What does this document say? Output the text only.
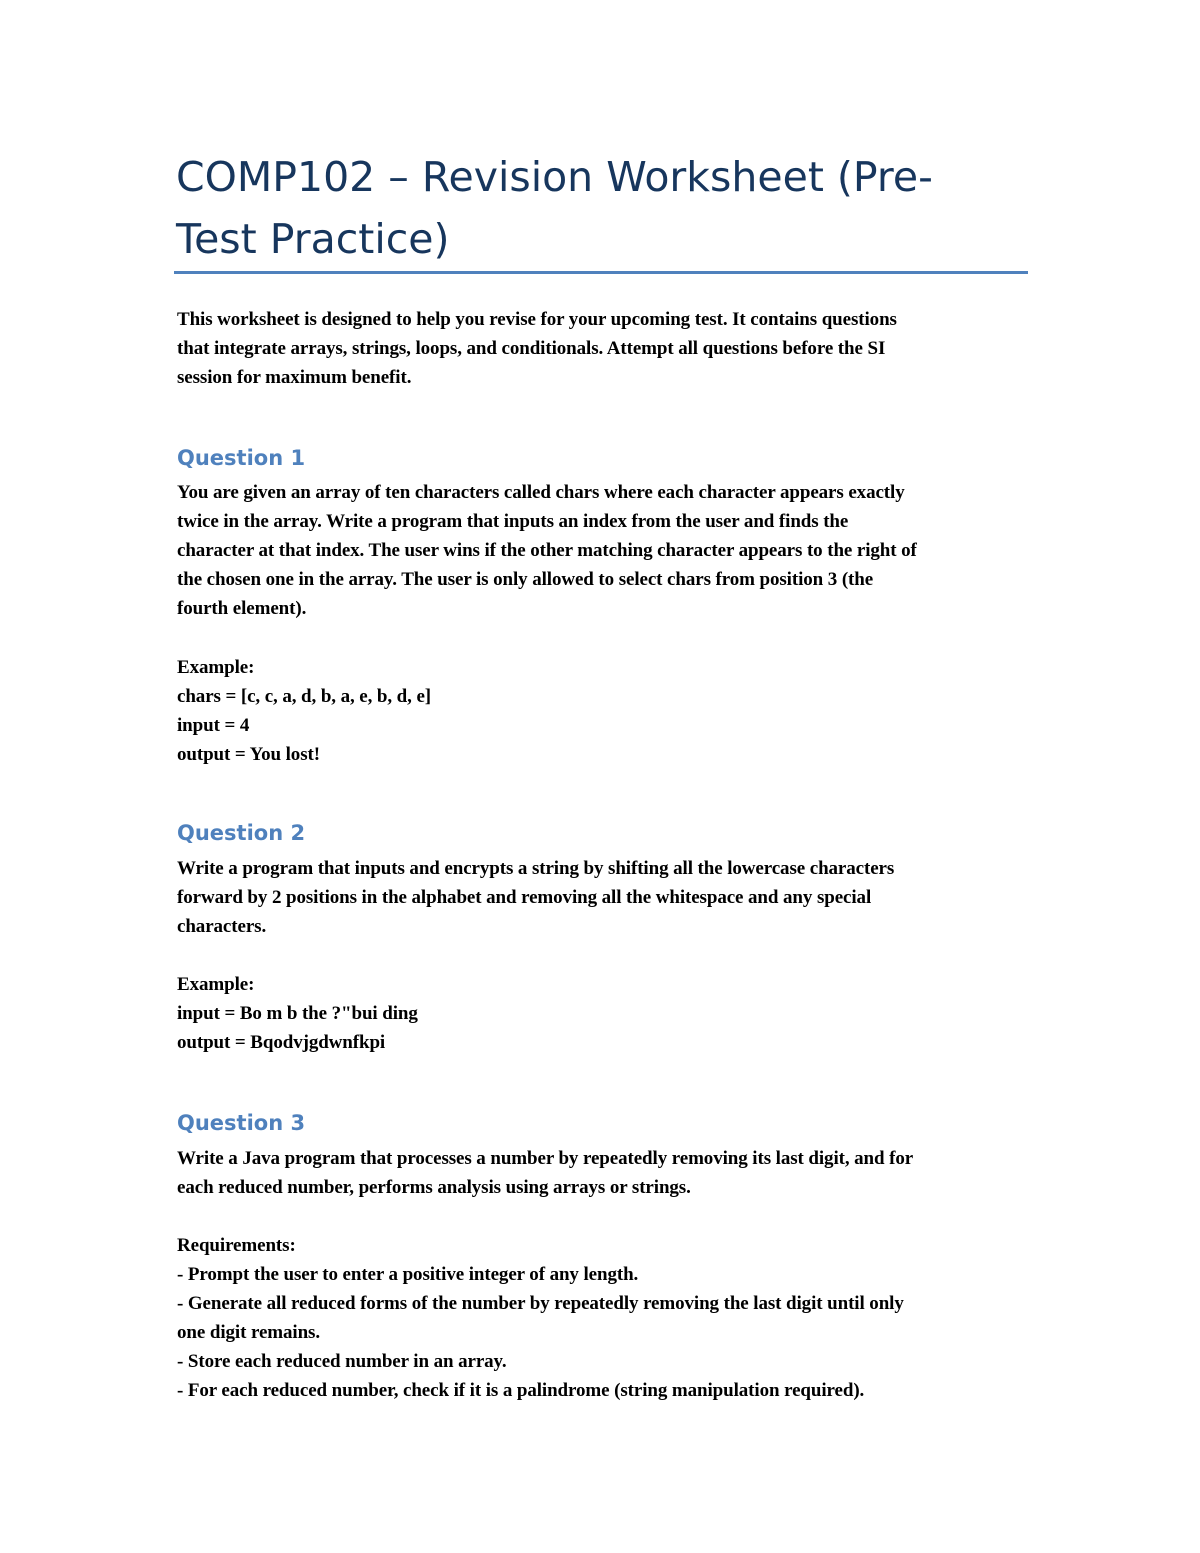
COMP102 – Revision Worksheet (Pre-
Test Practice)

This worksheet is designed to help you revise for your upcoming test. It contains questions
that integrate arrays, strings, loops, and conditionals. Attempt all questions before the SI
session for maximum benefit.

Question 1

You are given an array of ten characters called chars where each character appears exactly
twice in the array. Write a program that inputs an index from the user and finds the
character at that index. The user wins if the other matching character appears to the right of
the chosen one in the array. The user is only allowed to select chars from position 3 (the
fourth element).

Example:
chars = [c, c, a, d, b, a, e, b, d, e]
input = 4
output = You lost!

Question 2

Write a program that inputs and encrypts a string by shifting all the lowercase characters
forward by 2 positions in the alphabet and removing all the whitespace and any special
characters.

Example:
input = Bo m b the ?"bui ding
output = Bqodvjgdwnfkpi

Question 3

Write a Java program that processes a number by repeatedly removing its last digit, and for
each reduced number, performs analysis using arrays or strings.

Requirements:
- Prompt the user to enter a positive integer of any length.
- Generate all reduced forms of the number by repeatedly removing the last digit until only
one digit remains.
- Store each reduced number in an array.
- For each reduced number, check if it is a palindrome (string manipulation required).
